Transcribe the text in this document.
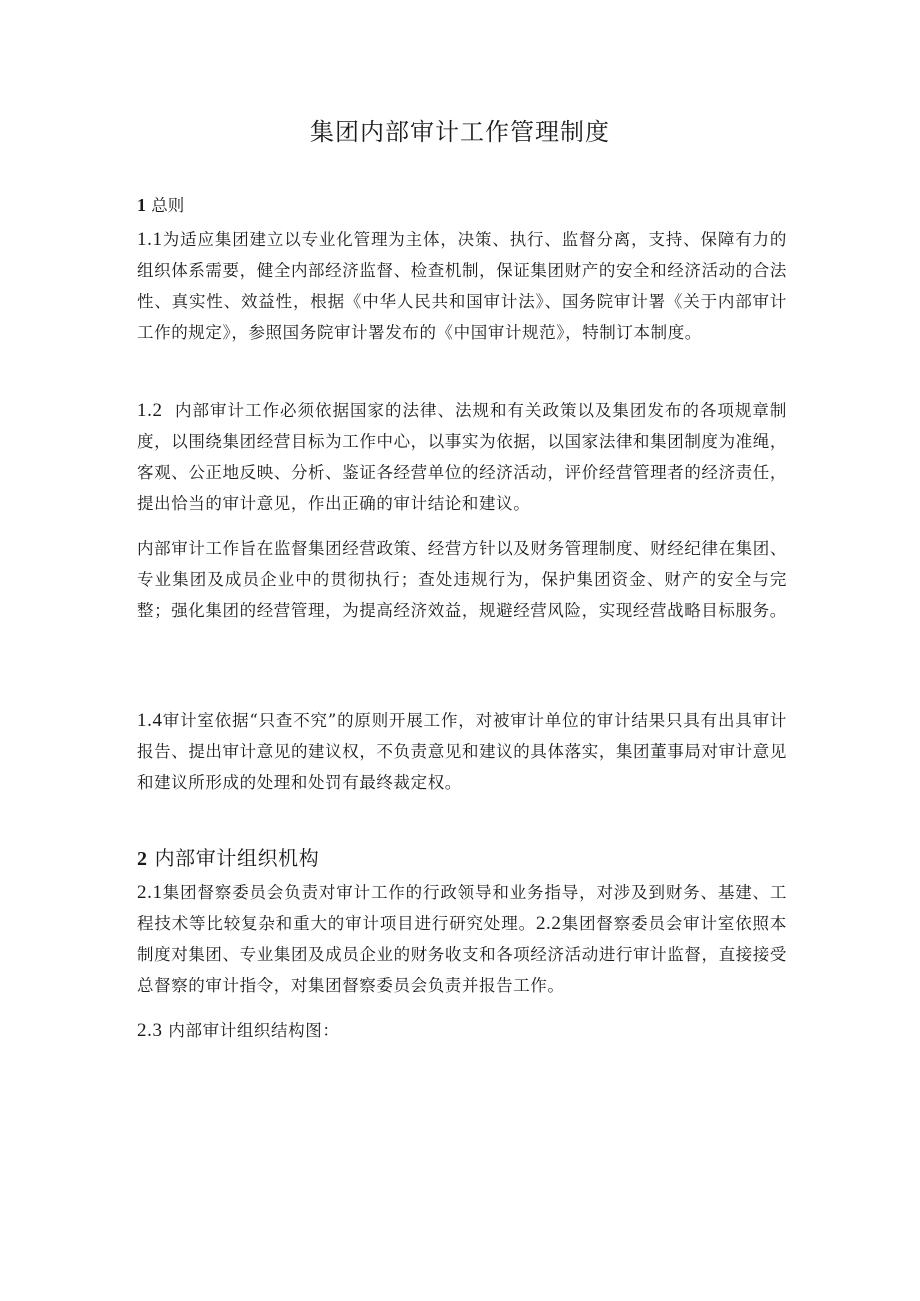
集团内部审计工作管理制度
1 总则

1.1为适应集团建立以专业化管理为主体，决策、执行、监督分离，支持、保障有力的组织体系需要，健全内部经济监督、检查机制，保证集团财产的安全和经济活动的合法性、真实性、效益性，根据《中华人民共和国审计法》、国务院审计署《关于内部审计工作的规定》，参照国务院审计署发布的《中国审计规范》，特制订本制度。

1.2 内部审计工作必须依据国家的法律、法规和有关政策以及集团发布的各项规章制度，以围绕集团经营目标为工作中心，以事实为依据，以国家法律和集团制度为准绳，客观、公正地反映、分析、鉴证各经营单位的经济活动，评价经营管理者的经济责任，提出恰当的审计意见，作出正确的审计结论和建议。

内部审计工作旨在监督集团经营政策、经营方针以及财务管理制度、财经纪律在集团、专业集团及成员企业中的贯彻执行；查处违规行为，保护集团资金、财产的安全与完整；强化集团的经营管理，为提高经济效益，规避经营风险，实现经营战略目标服务。

1.4审计室依据“只查不究”的原则开展工作，对被审计单位的审计结果只具有出具审计报告、提出审计意见的建议权，不负责意见和建议的具体落实，集团董事局对审计意见和建议所形成的处理和处罚有最终裁定权。

2 内部审计组织机构

2.1集团督察委员会负责对审计工作的行政领导和业务指导，对涉及到财务、基建、工程技术等比较复杂和重大的审计项目进行研究处理。2.2集团督察委员会审计室依照本制度对集团、专业集团及成员企业的财务收支和各项经济活动进行审计监督，直接接受总督察的审计指令，对集团督察委员会负责并报告工作。

2.3 内部审计组织结构图：
